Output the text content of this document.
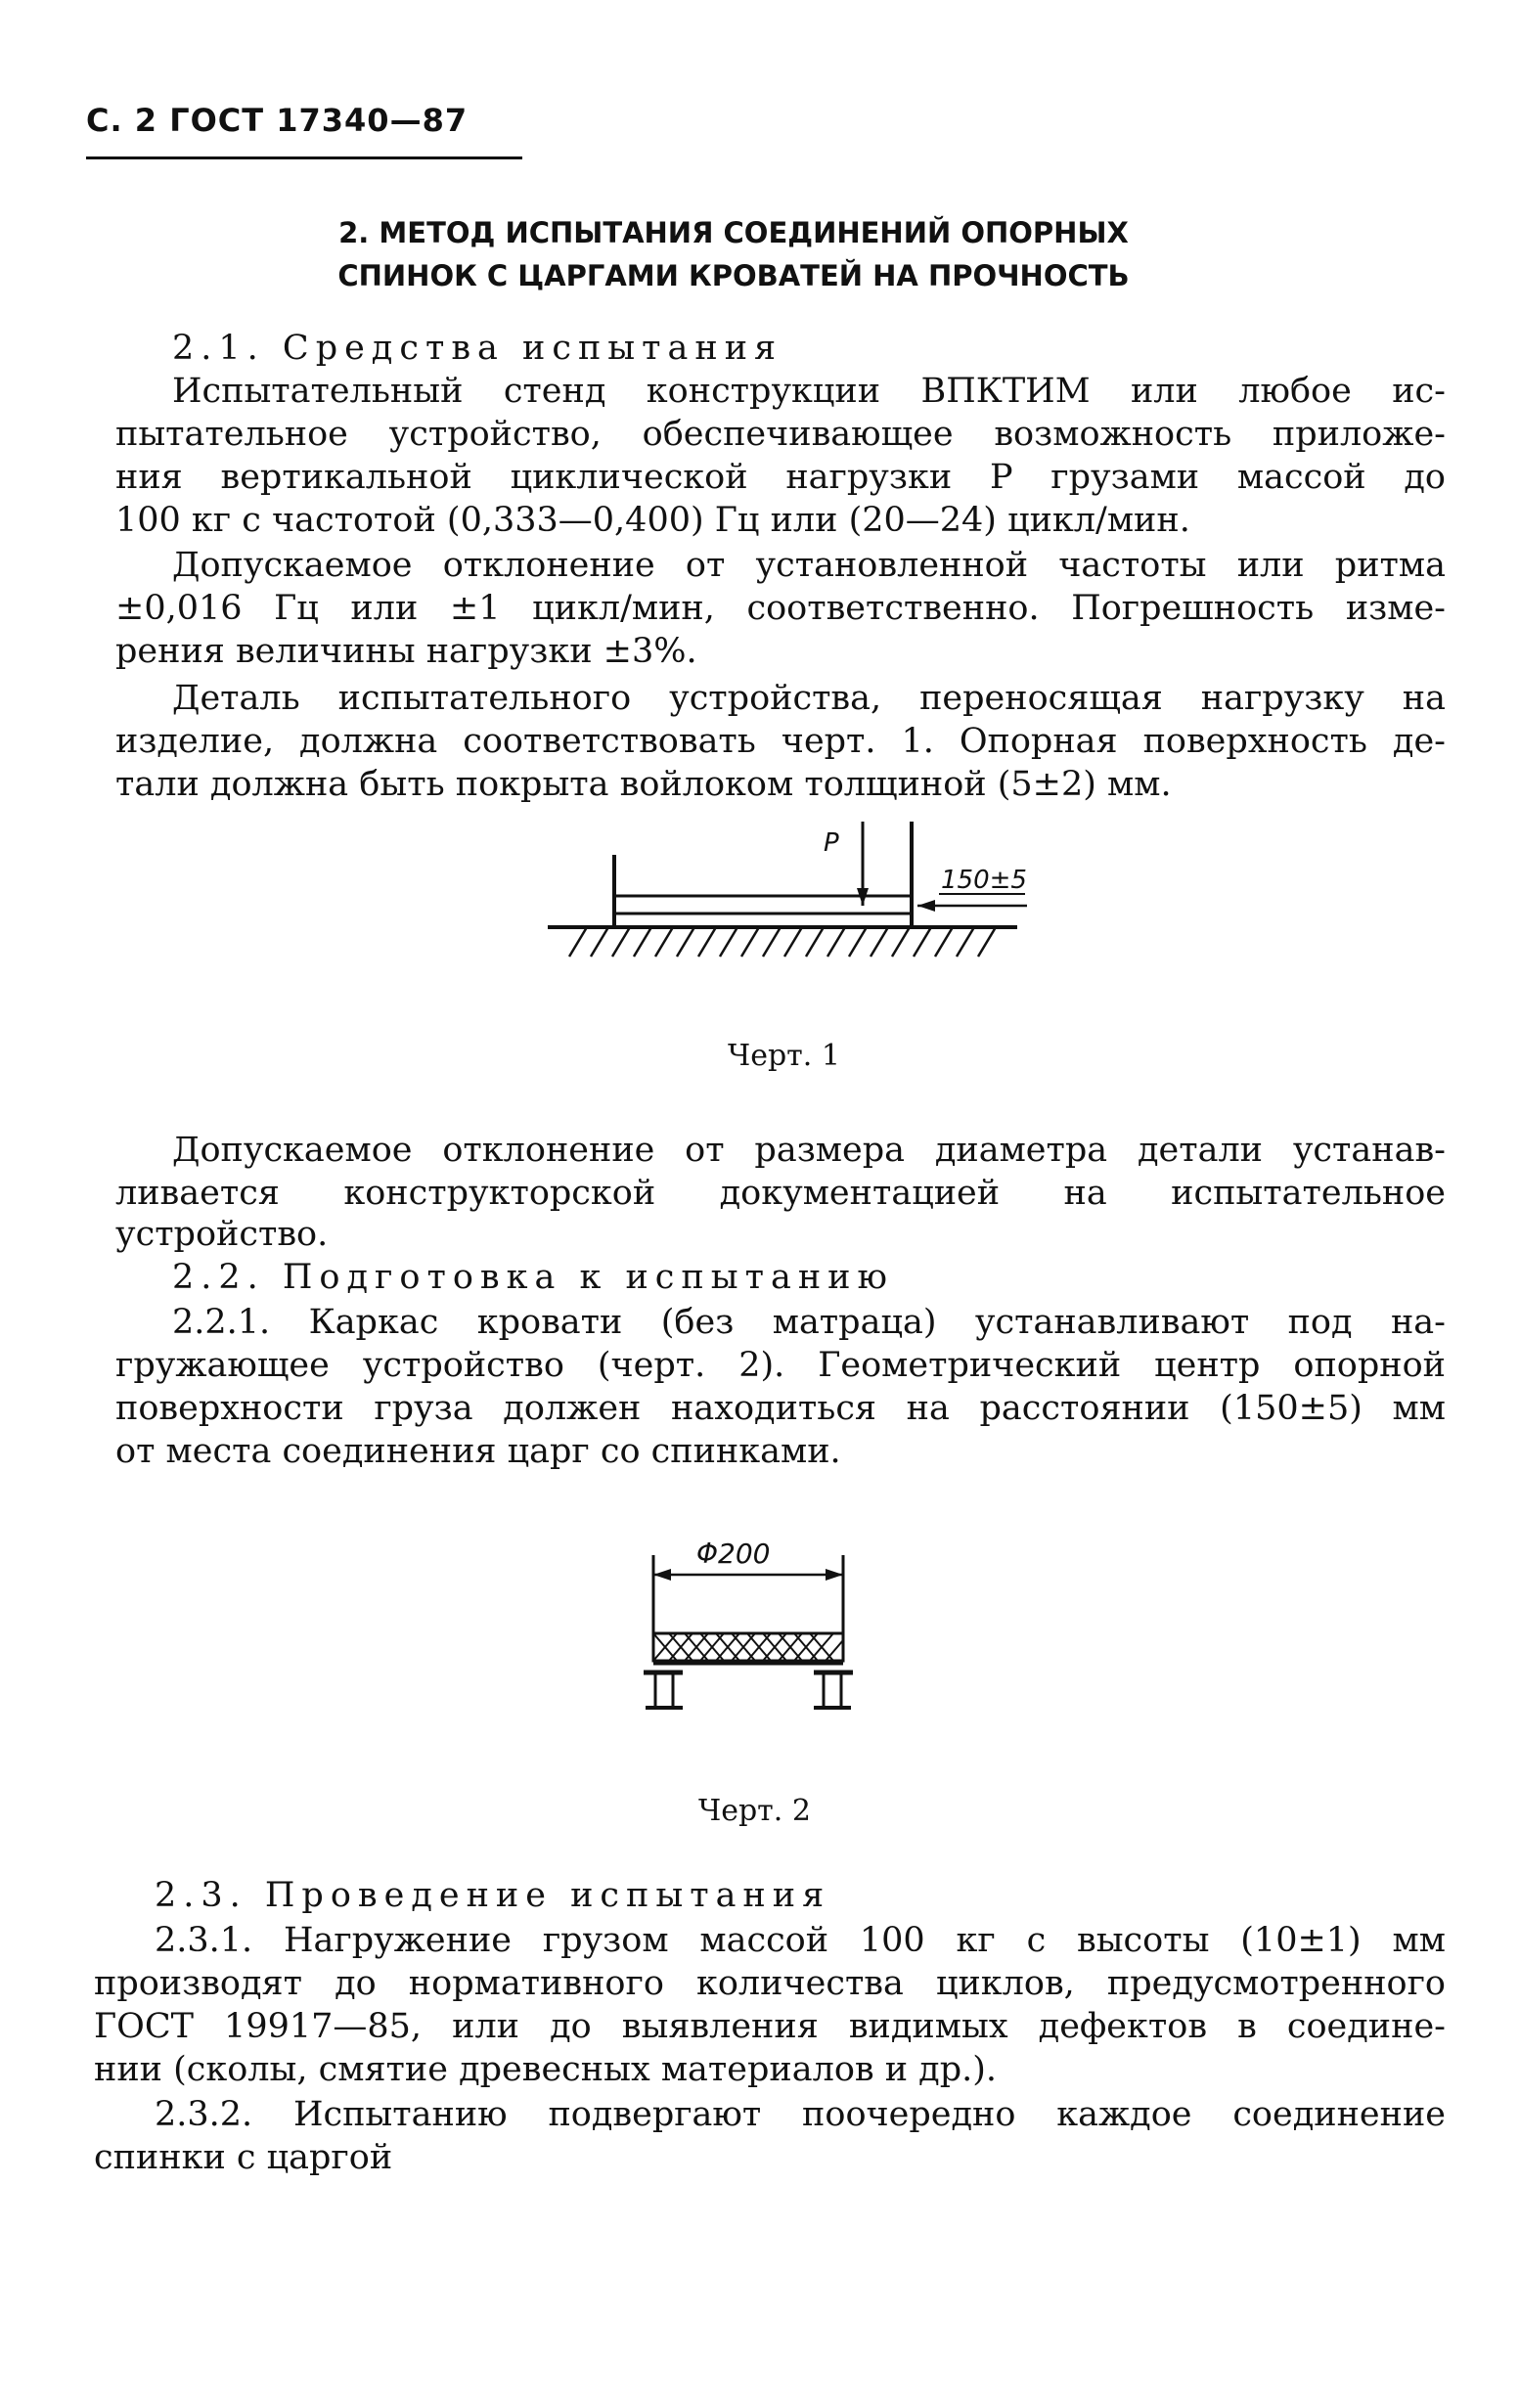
С. 2 ГОСТ 17340—87
2. МЕТОД ИСПЫТАНИЯ СОЕДИНЕНИЙ ОПОРНЫХ
СПИНОК С ЦАРГАМИ КРОВАТЕЙ НА ПРОЧНОСТЬ
2.1. Средства испытания
Испытательный стенд конструкции ВПКТИМ или любое ис-
пытательное устройство, обеспечивающее возможность приложе-
ния вертикальной циклической нагрузки P грузами массой до
100 кг с частотой (0,333—0,400) Гц или (20—24) цикл/мин.
Допускаемое отклонение от установленной частоты или ритма
±0,016 Гц или ±1 цикл/мин, соответственно. Погрешность изме-
рения величины нагрузки ±3%.
Деталь испытательного устройства, переносящая нагрузку на
изделие, должна соответствовать черт. 1. Опорная поверхность де-
тали должна быть покрыта войлоком толщиной (5±2) мм.
P
150±5
Черт. 1
Допускаемое отклонение от размера диаметра детали устанав-
ливается конструкторской документацией на испытательное
устройство.
2.2. Подготовка к испытанию
2.2.1. Каркас кровати (без матраца) устанавливают под на-
гружающее устройство (черт. 2). Геометрический центр опорной
поверхности груза должен находиться на расстоянии (150±5) мм
от места соединения царг со спинками.
Φ200
Черт. 2
2.3. Проведение испытания
2.3.1. Нагружение грузом массой 100 кг с высоты (10±1) мм
производят до нормативного количества циклов, предусмотренного
ГОСТ 19917—85, или до выявления видимых дефектов в соедине-
нии (сколы, смятие древесных материалов и др.).
2.3.2. Испытанию подвергают поочередно каждое соединение
спинки с царгой
